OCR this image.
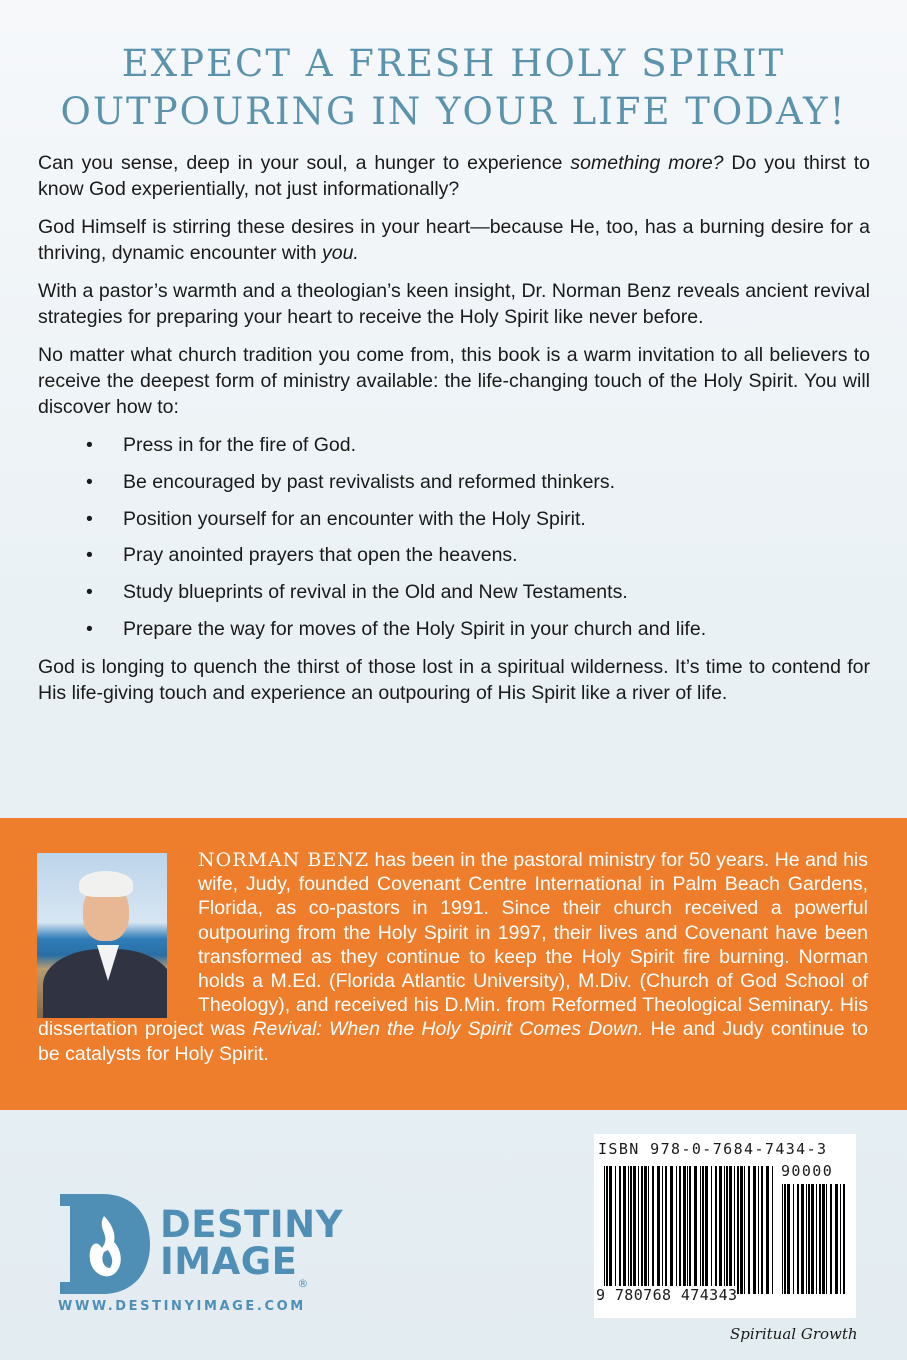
EXPECT A FRESH HOLY SPIRIT
OUTPOURING IN YOUR LIFE TODAY!

Can you sense, deep in your soul, a hunger to experience something more? Do you thirst to know God experientially, not just informationally?

God Himself is stirring these desires in your heart—because He, too, has a burning desire for a thriving, dynamic encounter with you.

With a pastor’s warmth and a theologian’s keen insight, Dr. Norman Benz reveals ancient revival strategies for preparing your heart to receive the Holy Spirit like never before.

No matter what church tradition you come from, this book is a warm invitation to all believers to receive the deepest form of ministry available: the life-changing touch of the Holy Spirit. You will discover how to:

• Press in for the fire of God.
• Be encouraged by past revivalists and reformed thinkers.
• Position yourself for an encounter with the Holy Spirit.
• Pray anointed prayers that open the heavens.
• Study blueprints of revival in the Old and New Testaments.
• Prepare the way for moves of the Holy Spirit in your church and life.

God is longing to quench the thirst of those lost in a spiritual wilderness. It’s time to contend for His life-giving touch and experience an outpouring of His Spirit like a river of life.

NORMAN BENZ has been in the pastoral ministry for 50 years. He and his wife, Judy, founded Covenant Centre International in Palm Beach Gardens, Florida, as co-pastors in 1991. Since their church received a powerful outpouring from the Holy Spirit in 1997, their lives and Covenant have been transformed as they continue to keep the Holy Spirit fire burning. Norman holds a M.Ed. (Florida Atlantic University), M.Div. (Church of God School of Theology), and received his D.Min. from Reformed Theological Seminary. His dissertation project was Revival: When the Holy Spirit Comes Down. He and Judy continue to be catalysts for Holy Spirit.
DESTINY
IMAGE®
WWW.DESTINYIMAGE.COM
ISBN 978-0-7684-7434-3
90000
9 780768 474343
Spiritual Growth
